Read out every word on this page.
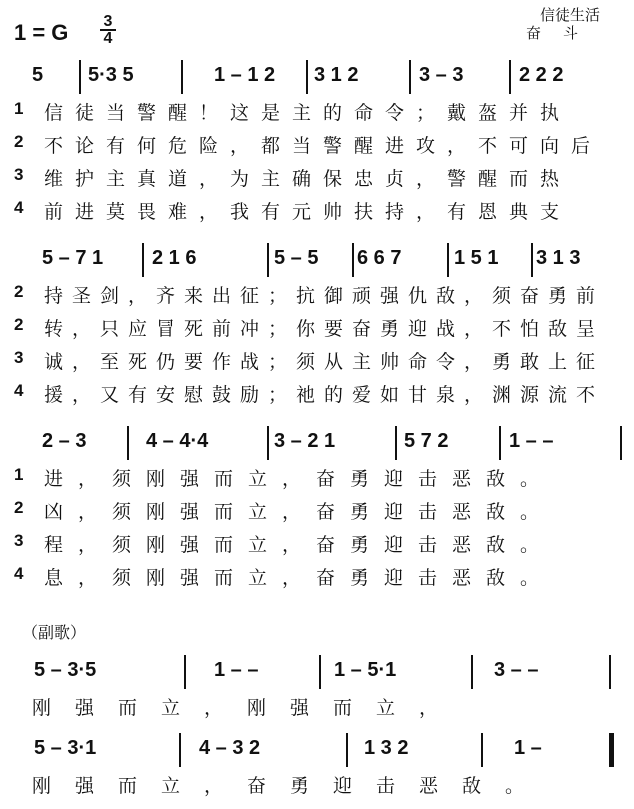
1 = G $\frac{3}{4}$	信徒生活
奋斗
（副歌）
5 5·3 5	1 – 1 2 3 1 2	3 – 3	2 2 2
1 信徒当警醒！这是主的命令；戴盔并执
2 不论有何危险，都当警醒进攻，不可向后
3 维护主真道，为主确保忠贞，警醒而热
4 前进莫畏难，我有元帅扶持，有恩典支
5 – 7 1 2 1 6	5 – 5 6 6 7	1 5 1 3 1 3
2 持圣剑，齐来出征；抗御顽强仇敌，须奋勇前
2 转，只应冒死前冲；你要奋勇迎战，不怕敌呈
3 诚，至死仍要作战；须从主帅命令，勇敢上征
4 援，又有安慰鼓励；祂的爱如甘泉，渊源流不
2 – 3	4 – 4·4	3 – 2 1	5 7 2	1 – –
1 进，须刚强而立，奋勇迎击恶敌。
2 凶，须刚强而立，奋勇迎击恶敌。
3 程，须刚强而立，奋勇迎击恶敌。
4 息，须刚强而立，奋勇迎击恶敌。
5 – 3·5	1 – –	1 – 5·1	3 – –
刚强而立，刚强而立，
5 – 3·1	4 – 3 2	1 3 2	1 –
刚强而立，奋勇迎击恶敌。
